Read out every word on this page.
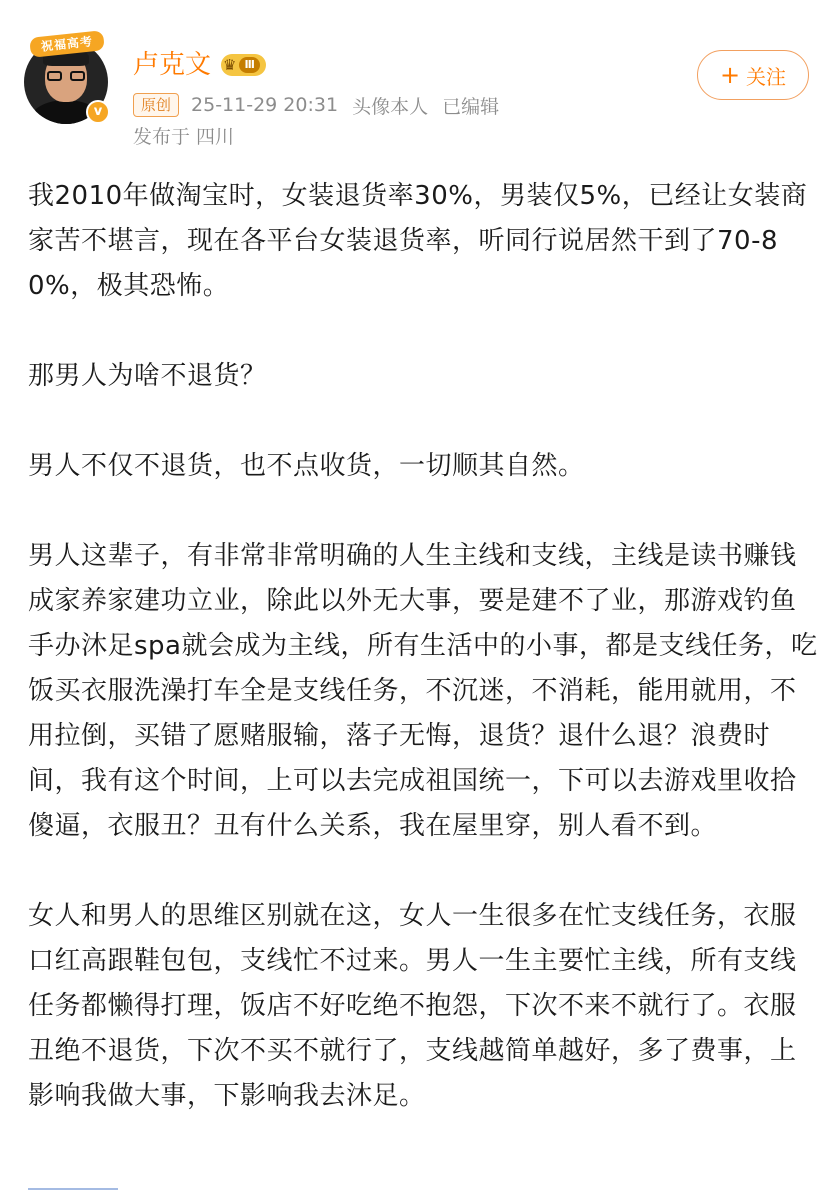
祝福高考
v
卢克文 ♛ Ⅲ
原创	25-11-29 20:31 头像本人 已编辑
发布于 四川
+ 关注

我2010年做淘宝时，女装退货率30%，男装仅5%，已经让女装商家苦不堪言，现在各平台女装退货率，听同行说居然干到了70-80%，极其恐怖。

那男人为啥不退货？

男人不仅不退货，也不点收货，一切顺其自然。

男人这辈子，有非常非常明确的人生主线和支线，主线是读书赚钱成家养家建功立业，除此以外无大事，要是建不了业，那游戏钓鱼手办沐足spa就会成为主线，所有生活中的小事，都是支线任务，吃饭买衣服洗澡打车全是支线任务，不沉迷，不消耗，能用就用，不用拉倒，买错了愿赌服输，落子无悔，退货？退什么退？浪费时间，我有这个时间，上可以去完成祖国统一，下可以去游戏里收拾傻逼，衣服丑？丑有什么关系，我在屋里穿，别人看不到。

女人和男人的思维区别就在这，女人一生很多在忙支线任务，衣服口红高跟鞋包包，支线忙不过来。男人一生主要忙主线，所有支线任务都懒得打理，饭店不好吃绝不抱怨，下次不来不就行了。衣服丑绝不退货，下次不买不就行了，支线越简单越好，多了费事，上影响我做大事，下影响我去沐足。
